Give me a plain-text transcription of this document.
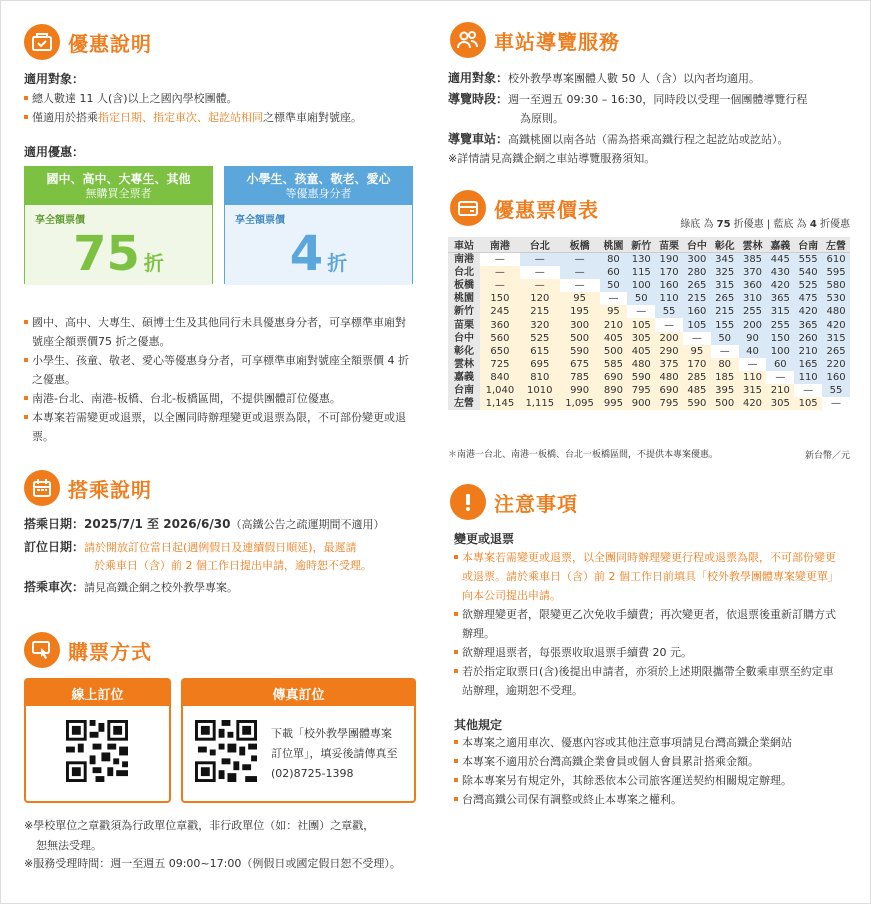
優惠說明
適用對象：
總人數達 11 人(含)以上之國內學校團體。
僅適用於搭乘指定日期、指定車次、起訖站相同之標準車廂對號座。
適用優惠：
國中、高中、大專生、其他
無購買全票者
享全額票價
75 折
小學生、孩童、敬老、愛心
等優惠身分者
享全額票價
4 折
國中、高中、大專生、碩博士生及其他同行未具優惠身分者，可享標準車廂對號座全額票價75 折之優惠。
小學生、孩童、敬老、愛心等優惠身分者，可享標準車廂對號座全額票價 4 折之優惠。
南港-台北、南港-板橋、台北-板橋區間，不提供團體訂位優惠。
本專案若需變更或退票，以全團同時辦理變更或退票為限，不可部份變更或退票。
搭乘說明
搭乘日期：2025/7/1 至 2026/6/30（高鐵公告之疏運期間不適用）
訂位日期：請於開放訂位當日起(遇例假日及連續假日順延)，最遲請
於乘車日（含）前 2 個工作日提出申請，逾時恕不受理。
搭乘車次：請見高鐵企網之校外教學專案。
購票方式
線上訂位	傳真訂位
下載「校外教學團體專案
訂位單」，填妥後請傳真至
(02)8725-1398
※學校單位之章戳須為行政單位章戳，非行政單位（如：社團）之章戳，
恕無法受理。
※服務受理時間：週一至週五 09:00~17:00（例假日或國定假日恕不受理）。
車站導覽服務
適用對象：校外教學專案團體人數 50 人（含）以內者均適用。
導覽時段：週一至週五 09:30 – 16:30，同時段以受理一個團體導覽行程
為原則。
導覽車站：高鐵桃園以南各站（需為搭乘高鐵行程之起訖站或訖站）。
※詳情請見高鐵企網之車站導覽服務須知。
優惠票價表
綠底 為 75 折優惠 | 藍底 為 4 折優惠
車站	南港	台北	板橋	桃園	新竹	苗栗	台中	彰化	雲林	嘉義	台南	左營
南港	—	—	—	80	130	190	300	345	385	445	555	610
台北	—	—	—	60	115	170	280	325	370	430	540	595
板橋	—	—	—	50	100	160	265	315	360	420	525	580
桃園	150	120	95	—	50	110	215	265	310	365	475	530
新竹	245	215	195	95	—	55	160	215	255	315	420	480
苗栗	360	320	300	210	105	—	105	155	200	255	365	420
台中	560	525	500	405	305	200	—	50	90	150	260	315
彰化	650	615	590	500	405	290	95	—	40	100	210	265
雲林	725	695	675	585	480	375	170	80	—	60	165	220
嘉義	840	810	785	690	590	480	285	185	110	—	110	160
台南	1,040	1010	990	890	795	690	485	395	315	210	—	55
左營	1,145	1,115	1,095	995	900	795	590	500	420	305	105	—
＊南港一台北、南港一板橋、台北一板橋區間，不提供本專案優惠。	新台幣／元
注意事項
變更或退票
本專案若需變更或退票，以全團同時辦理變更行程或退票為限，不可部份變更或退票。請於乘車日（含）前 2 個工作日前填具「校外教學團體專案變更單」向本公司提出申請。
欲辦理變更者，限變更乙次免收手續費；再次變更者，依退票後重新訂購方式辦理。
欲辦理退票者，每張票收取退票手續費 20 元。
若於指定取票日(含)後提出申請者，亦須於上述期限攜帶全數乘車票至約定車站辦理，逾期恕不受理。
其他規定
本專案之適用車次、優惠內容或其他注意事項請見台灣高鐵企業網站
本專案不適用於台灣高鐵企業會員或個人會員累計搭乘金額。
除本專案另有規定外，其餘悉依本公司旅客運送契約相關規定辦理。
台灣高鐵公司保有調整或終止本專案之權利。
